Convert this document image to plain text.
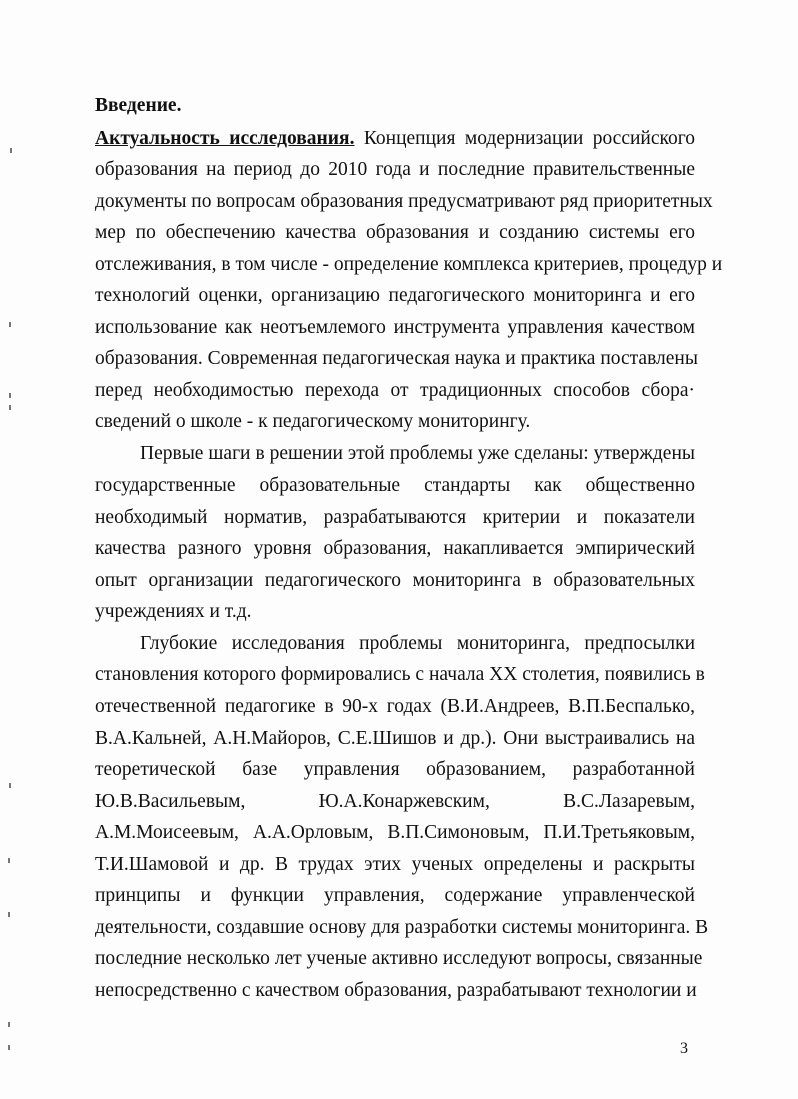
Введение.
Актуальность исследования. Концепция модернизации российского
образования на период до 2010 года и последние правительственные
документы по вопросам образования предусматривают ряд приоритетных
мер по обеспечению качества образования и созданию системы его
отслеживания, в том числе - определение комплекса критериев, процедур и
технологий оценки, организацию педагогического мониторинга и его
использование как неотъемлемого инструмента управления качеством
образования. Современная педагогическая наука и практика поставлены
перед необходимостью перехода от традиционных способов сбора·
сведений о школе - к педагогическому мониторингу.
Первые шаги в решении этой проблемы уже сделаны: утверждены
государственные образовательные стандарты как общественно
необходимый норматив, разрабатываются критерии и показатели
качества разного уровня образования, накапливается эмпирический
опыт организации педагогического мониторинга в образовательных
учреждениях и т.д.
Глубокие исследования проблемы мониторинга, предпосылки
становления которого формировались с начала XX столетия, появились в
отечественной педагогике в 90-х годах (В.И.Андреев, В.П.Беспалько,
В.А.Кальней, А.Н.Майоров, С.Е.Шишов и др.). Они выстраивались на
теоретической базе управления образованием, разработанной
Ю.В.Васильевым, Ю.А.Конаржевским, В.С.Лазаревым,
А.М.Моисеевым, А.А.Орловым, В.П.Симоновым, П.И.Третьяковым,
Т.И.Шамовой и др. В трудах этих ученых определены и раскрыты
принципы и функции управления, содержание управленческой
деятельности, создавшие основу для разработки системы мониторинга. В
последние несколько лет ученые активно исследуют вопросы, связанные
непосредственно с качеством образования, разрабатывают технологии и
3
